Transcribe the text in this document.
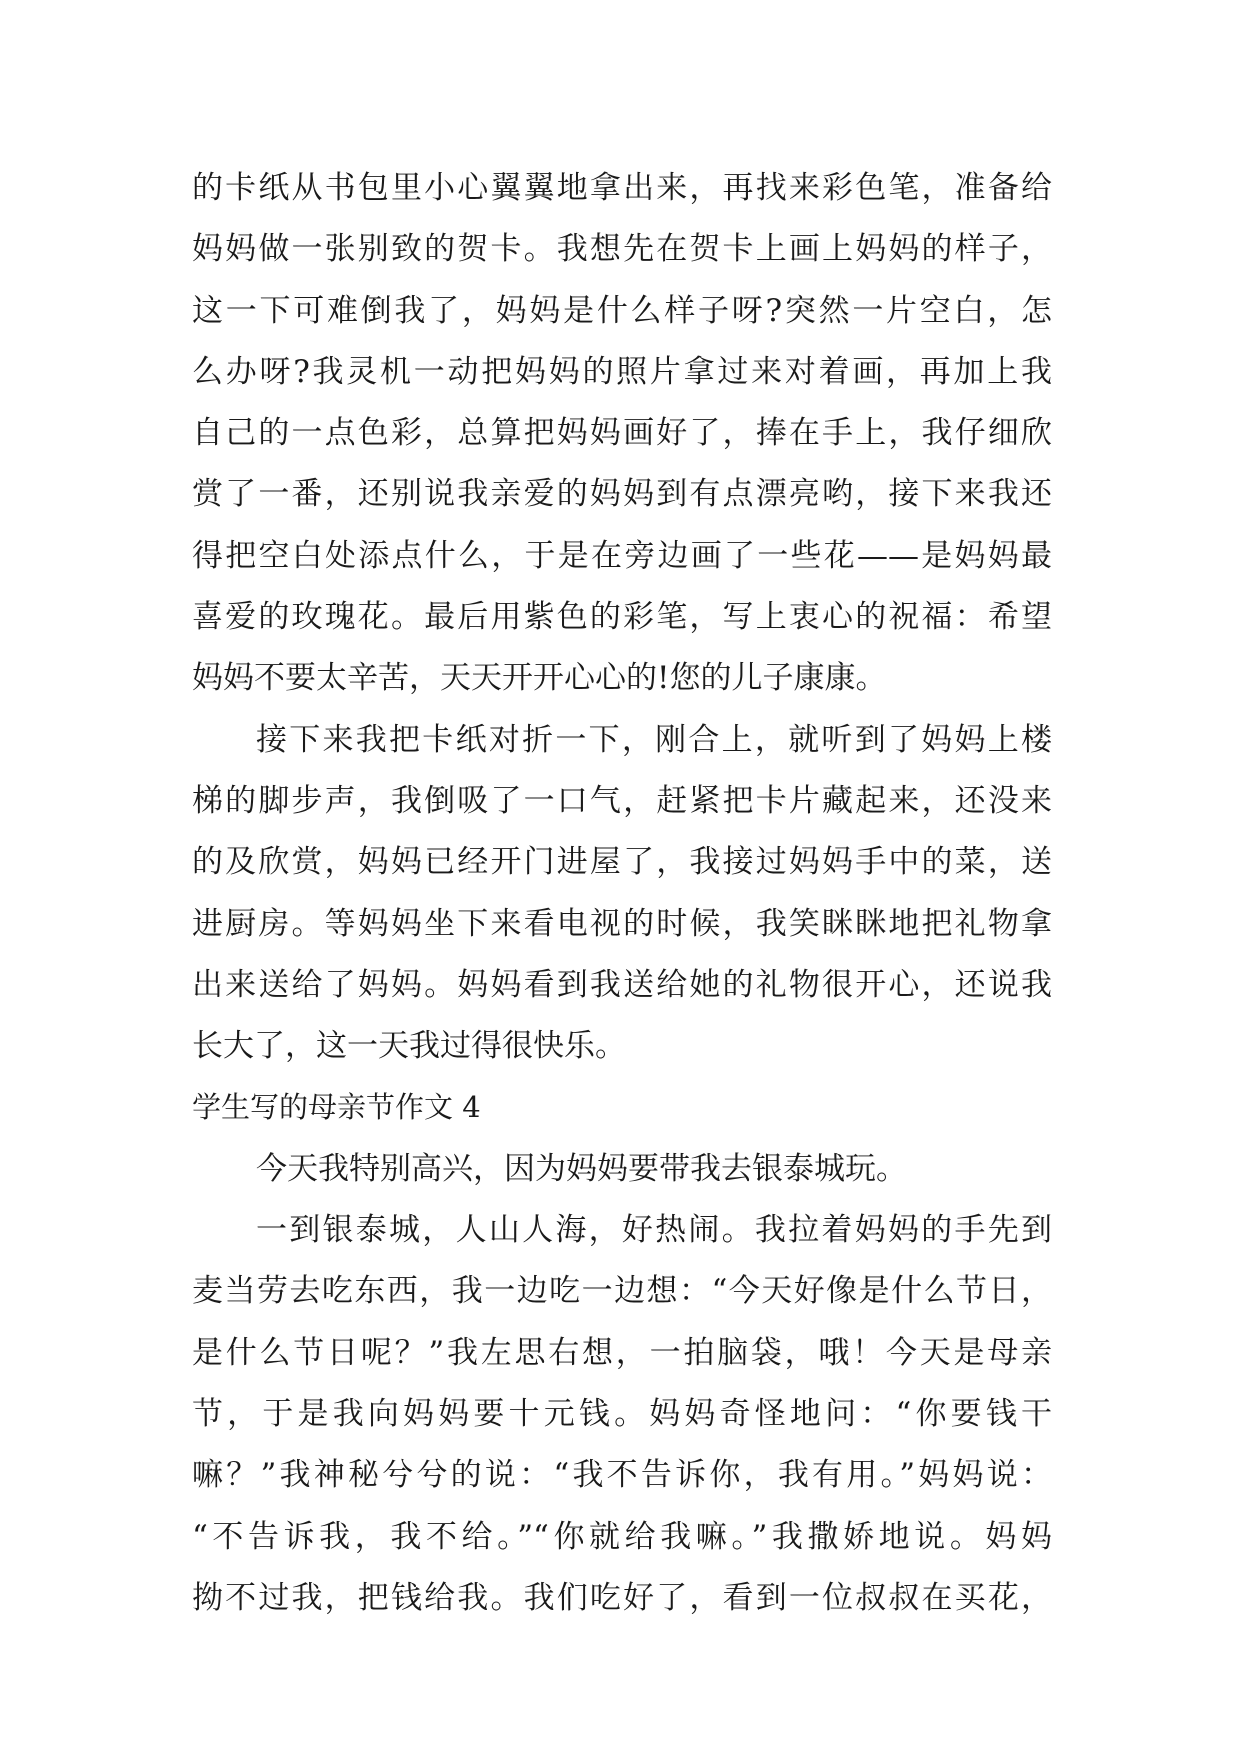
的卡纸从书包里小心翼翼地拿出来，再找来彩色笔，准备给
妈妈做一张别致的贺卡。我想先在贺卡上画上妈妈的样子，
这一下可难倒我了，妈妈是什么样子呀?突然一片空白，怎
么办呀?我灵机一动把妈妈的照片拿过来对着画，再加上我
自己的一点色彩，总算把妈妈画好了，捧在手上，我仔细欣
赏了一番，还别说我亲爱的妈妈到有点漂亮哟，接下来我还
得把空白处添点什么，于是在旁边画了一些花——是妈妈最
喜爱的玫瑰花。最后用紫色的彩笔，写上衷心的祝福：希望
妈妈不要太辛苦，天天开开心心的!您的儿子康康。
接下来我把卡纸对折一下，刚合上，就听到了妈妈上楼
梯的脚步声，我倒吸了一口气，赶紧把卡片藏起来，还没来
的及欣赏，妈妈已经开门进屋了，我接过妈妈手中的菜，送
进厨房。等妈妈坐下来看电视的时候，我笑眯眯地把礼物拿
出来送给了妈妈。妈妈看到我送给她的礼物很开心，还说我
长大了，这一天我过得很快乐。
学生写的母亲节作文 4
今天我特别高兴，因为妈妈要带我去银泰城玩。
一到银泰城，人山人海，好热闹。我拉着妈妈的手先到
麦当劳去吃东西，我一边吃一边想：“今天好像是什么节日，
是什么节日呢？”我左思右想，一拍脑袋，哦！今天是母亲
节，于是我向妈妈要十元钱。妈妈奇怪地问：“你要钱干
嘛？”我神秘兮兮的说：“我不告诉你，我有用。”妈妈说：
“不告诉我，我不给。”“你就给我嘛。”我撒娇地说。妈妈
拗不过我，把钱给我。我们吃好了，看到一位叔叔在买花，
